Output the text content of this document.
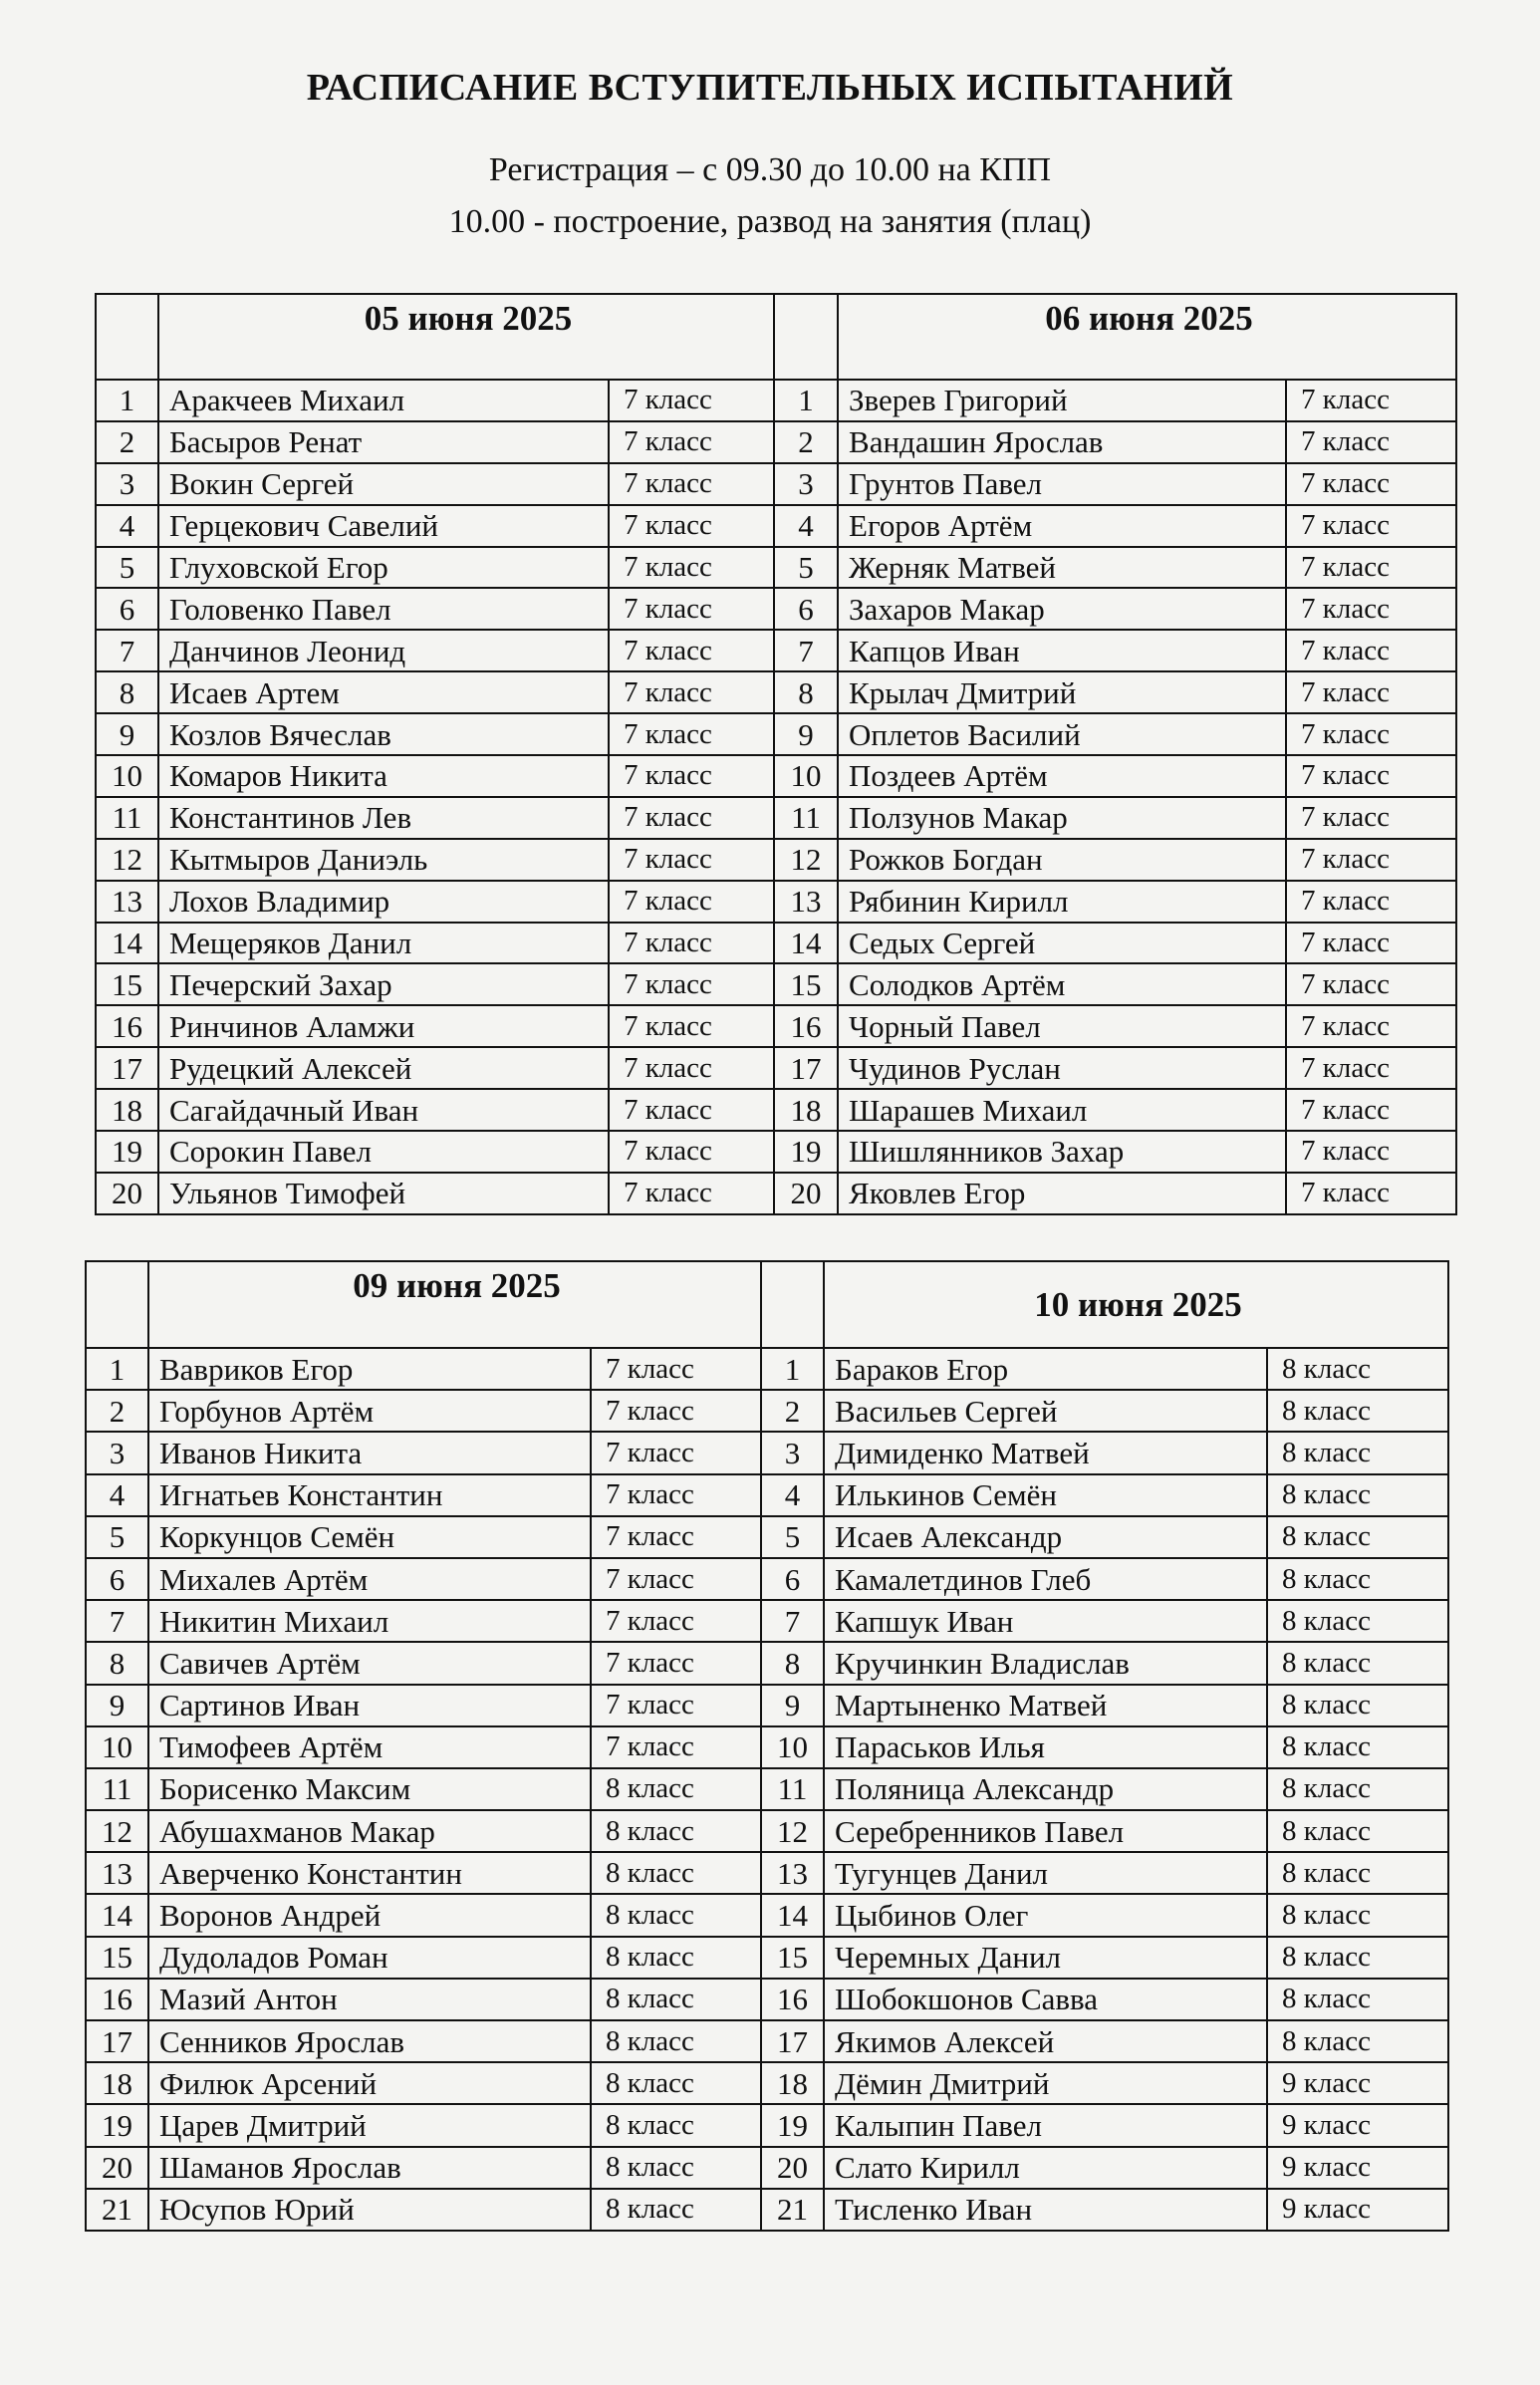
РАСПИСАНИЕ ВСТУПИТЕЛЬНЫХ ИСПЫТАНИЙ

Регистрация – с 09.30 до 10.00 на КПП

10.00 - построение, развод на занятия (плац)

	05 июня 2025			06 июня 2025	
1	Аракчеев Михаил	7 класс	1	Зверев Григорий	7 класс
2	Басыров Ренат	7 класс	2	Вандашин Ярослав	7 класс
3	Вокин Сергей	7 класс	3	Грунтов Павел	7 класс
4	Герцекович Савелий	7 класс	4	Егоров Артём	7 класс
5	Глуховской Егор	7 класс	5	Жерняк Матвей	7 класс
6	Головенко Павел	7 класс	6	Захаров Макар	7 класс
7	Данчинов Леонид	7 класс	7	Капцов Иван	7 класс
8	Исаев Артем	7 класс	8	Крылач Дмитрий	7 класс
9	Козлов Вячеслав	7 класс	9	Оплетов Василий	7 класс
10	Комаров Никита	7 класс	10	Поздеев Артём	7 класс
11	Константинов Лев	7 класс	11	Ползунов Макар	7 класс
12	Кытмыров Даниэль	7 класс	12	Рожков Богдан	7 класс
13	Лохов Владимир	7 класс	13	Рябинин Кирилл	7 класс
14	Мещеряков Данил	7 класс	14	Седых Сергей	7 класс
15	Печерский Захар	7 класс	15	Солодков Артём	7 класс
16	Ринчинов Аламжи	7 класс	16	Чорный Павел	7 класс
17	Рудецкий Алексей	7 класс	17	Чудинов Руслан	7 класс
18	Сагайдачный Иван	7 класс	18	Шарашев Михаил	7 класс
19	Сорокин Павел	7 класс	19	Шишлянников Захар	7 класс
20	Ульянов Тимофей	7 класс	20	Яковлев Егор	7 класс
	09 июня 2025			10 июня 2025	
1	Вавриков Егор	7 класс	1	Бараков Егор	8 класс
2	Горбунов Артём	7 класс	2	Васильев Сергей	8 класс
3	Иванов Никита	7 класс	3	Димиденко Матвей	8 класс
4	Игнатьев Константин	7 класс	4	Илькинов Семён	8 класс
5	Коркунцов Семён	7 класс	5	Исаев Александр	8 класс
6	Михалев Артём	7 класс	6	Камалетдинов Глеб	8 класс
7	Никитин Михаил	7 класс	7	Капшук Иван	8 класс
8	Савичев Артём	7 класс	8	Кручинкин Владислав	8 класс
9	Сартинов Иван	7 класс	9	Мартыненко Матвей	8 класс
10	Тимофеев Артём	7 класс	10	Параськов Илья	8 класс
11	Борисенко Максим	8 класс	11	Поляница Александр	8 класс
12	Абушахманов Макар	8 класс	12	Серебренников Павел	8 класс
13	Аверченко Константин	8 класс	13	Тугунцев Данил	8 класс
14	Воронов Андрей	8 класс	14	Цыбинов Олег	8 класс
15	Дудоладов Роман	8 класс	15	Черемных Данил	8 класс
16	Мазий Антон	8 класс	16	Шобокшонов Савва	8 класс
17	Сенников Ярослав	8 класс	17	Якимов Алексей	8 класс
18	Филюк Арсений	8 класс	18	Дёмин Дмитрий	9 класс
19	Царев Дмитрий	8 класс	19	Калыпин Павел	9 класс
20	Шаманов Ярослав	8 класс	20	Слато Кирилл	9 класс
21	Юсупов Юрий	8 класс	21	Тисленко Иван	9 класс
